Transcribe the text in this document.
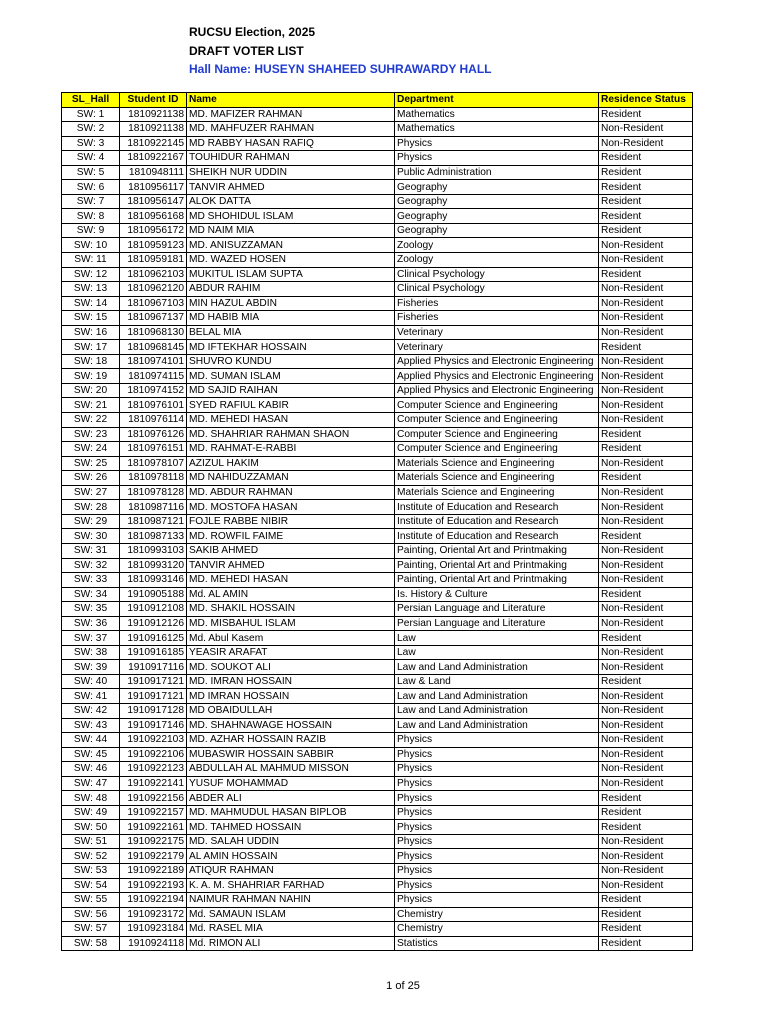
RUCSU Election, 2025
DRAFT VOTER LIST
Hall Name: HUSEYN SHAHEED SUHRAWARDY HALL
SL_Hall	Student ID	Name	Department	Residence Status
SW: 1	1810921138	MD. MAFIZER RAHMAN	Mathematics	Resident
SW: 2	1810921138	MD. MAHFUZER RAHMAN	Mathematics	Non-Resident
SW: 3	1810922145	MD RABBY HASAN RAFIQ	Physics	Non-Resident
SW: 4	1810922167	TOUHIDUR RAHMAN	Physics	Resident
SW: 5	1810948111	SHEIKH NUR UDDIN	Public Administration	Resident
SW: 6	1810956117	TANVIR AHMED	Geography	Resident
SW: 7	1810956147	ALOK DATTA	Geography	Resident
SW: 8	1810956168	MD SHOHIDUL ISLAM	Geography	Resident
SW: 9	1810956172	MD NAIM MIA	Geography	Resident
SW: 10	1810959123	MD. ANISUZZAMAN	Zoology	Non-Resident
SW: 11	1810959181	MD. WAZED HOSEN	Zoology	Non-Resident
SW: 12	1810962103	MUKITUL ISLAM SUPTA	Clinical Psychology	Resident
SW: 13	1810962120	ABDUR RAHIM	Clinical Psychology	Non-Resident
SW: 14	1810967103	MIN HAZUL ABDIN	Fisheries	Non-Resident
SW: 15	1810967137	MD HABIB MIA	Fisheries	Non-Resident
SW: 16	1810968130	BELAL MIA	Veterinary	Non-Resident
SW: 17	1810968145	MD IFTEKHAR HOSSAIN	Veterinary	Resident
SW: 18	1810974101	SHUVRO KUNDU	Applied Physics and Electronic Engineering	Non-Resident
SW: 19	1810974115	MD. SUMAN ISLAM	Applied Physics and Electronic Engineering	Non-Resident
SW: 20	1810974152	MD SAJID RAIHAN	Applied Physics and Electronic Engineering	Non-Resident
SW: 21	1810976101	SYED RAFIUL KABIR	Computer Science and Engineering	Non-Resident
SW: 22	1810976114	MD. MEHEDI HASAN	Computer Science and Engineering	Non-Resident
SW: 23	1810976126	MD. SHAHRIAR RAHMAN SHAON	Computer Science and Engineering	Resident
SW: 24	1810976151	MD. RAHMAT-E-RABBI	Computer Science and Engineering	Resident
SW: 25	1810978107	AZIZUL HAKIM	Materials Science and Engineering	Non-Resident
SW: 26	1810978118	MD NAHIDUZZAMAN	Materials Science and Engineering	Resident
SW: 27	1810978128	MD. ABDUR RAHMAN	Materials Science and Engineering	Non-Resident
SW: 28	1810987116	MD. MOSTOFA HASAN	Institute of Education and Research	Non-Resident
SW: 29	1810987121	FOJLE RABBE NIBIR	Institute of Education and Research	Non-Resident
SW: 30	1810987133	MD. ROWFIL FAIME	Institute of Education and Research	Resident
SW: 31	1810993103	SAKIB AHMED	Painting, Oriental Art and Printmaking	Non-Resident
SW: 32	1810993120	TANVIR AHMED	Painting, Oriental Art and Printmaking	Non-Resident
SW: 33	1810993146	MD. MEHEDI HASAN	Painting, Oriental Art and Printmaking	Non-Resident
SW: 34	1910905188	Md. AL AMIN	Is. History & Culture	Resident
SW: 35	1910912108	MD. SHAKIL HOSSAIN	Persian Language and Literature	Non-Resident
SW: 36	1910912126	MD. MISBAHUL ISLAM	Persian Language and Literature	Non-Resident
SW: 37	1910916125	Md. Abul Kasem	Law	Resident
SW: 38	1910916185	YEASIR ARAFAT	Law	Non-Resident
SW: 39	1910917116	MD. SOUKOT ALI	Law and Land Administration	Non-Resident
SW: 40	1910917121	MD. IMRAN HOSSAIN	Law & Land	Resident
SW: 41	1910917121	MD IMRAN HOSSAIN	Law and Land Administration	Non-Resident
SW: 42	1910917128	MD OBAIDULLAH	Law and Land Administration	Non-Resident
SW: 43	1910917146	MD. SHAHNAWAGE HOSSAIN	Law and Land Administration	Non-Resident
SW: 44	1910922103	MD. AZHAR HOSSAIN RAZIB	Physics	Non-Resident
SW: 45	1910922106	MUBASWIR HOSSAIN SABBIR	Physics	Non-Resident
SW: 46	1910922123	ABDULLAH AL MAHMUD MISSON	Physics	Non-Resident
SW: 47	1910922141	YUSUF MOHAMMAD	Physics	Non-Resident
SW: 48	1910922156	ABDER ALI	Physics	Resident
SW: 49	1910922157	MD. MAHMUDUL HASAN BIPLOB	Physics	Resident
SW: 50	1910922161	MD. TAHMED HOSSAIN	Physics	Resident
SW: 51	1910922175	MD. SALAH UDDIN	Physics	Non-Resident
SW: 52	1910922179	AL AMIN HOSSAIN	Physics	Non-Resident
SW: 53	1910922189	ATIQUR RAHMAN	Physics	Non-Resident
SW: 54	1910922193	K. A. M. SHAHRIAR FARHAD	Physics	Non-Resident
SW: 55	1910922194	NAIMUR RAHMAN NAHIN	Physics	Resident
SW: 56	1910923172	Md. SAMAUN ISLAM	Chemistry	Resident
SW: 57	1910923184	Md. RASEL MIA	Chemistry	Resident
SW: 58	1910924118	Md. RIMON ALI	Statistics	Resident
1 of 25
